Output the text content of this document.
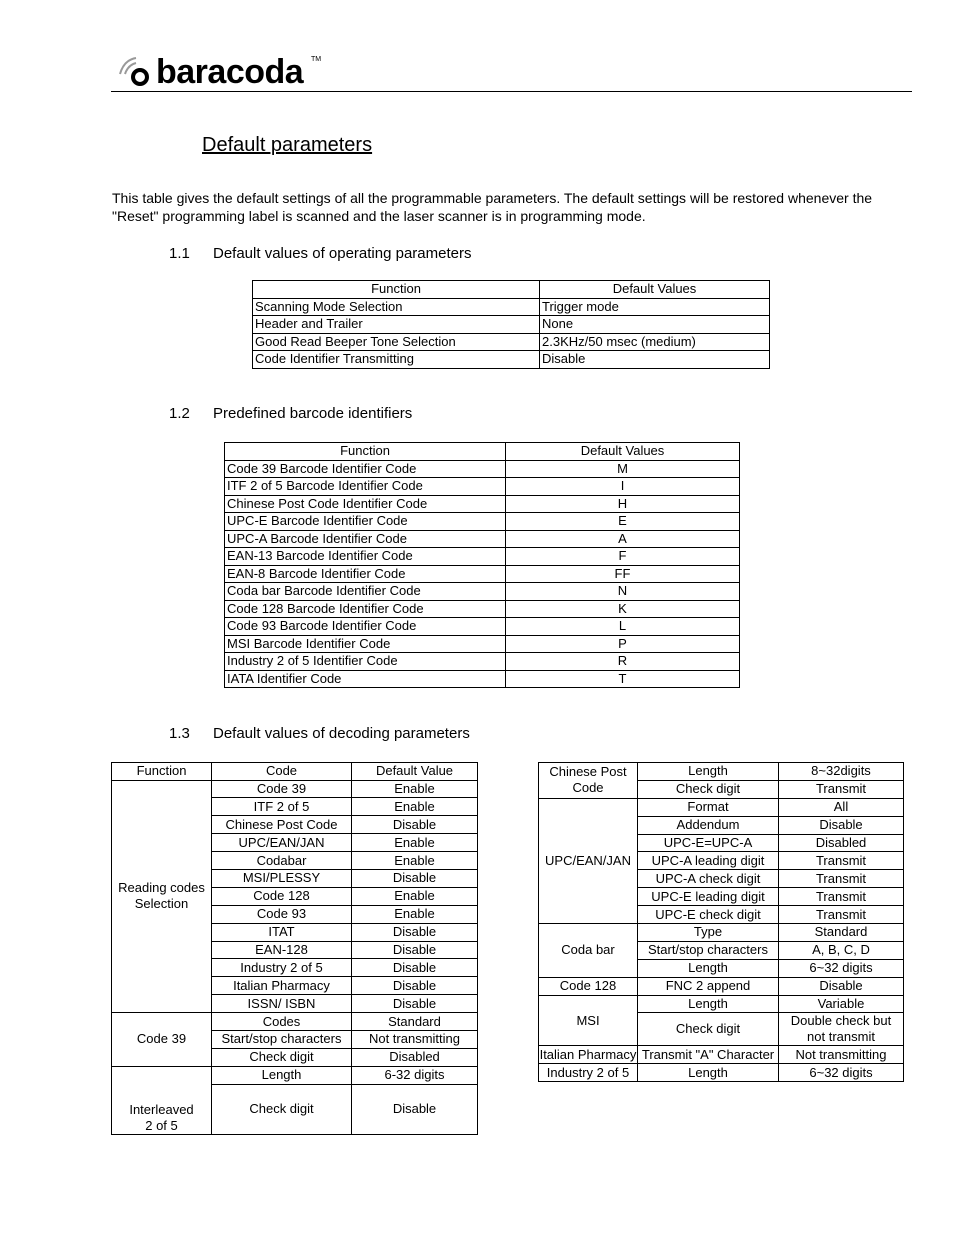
baracoda TM
Default parameters
This table gives the default settings of all the programmable parameters. The default settings will be restored whenever the "Reset" programming label is scanned and the laser scanner is in programming mode.
1.1 Default values of operating parameters
1.2 Predefined barcode identifiers
1.3 Default values of decoding parameters
Function	Default Values
Scanning Mode Selection	Trigger mode
Header and Trailer	None
Good Read Beeper Tone Selection	2.3KHz/50 msec (medium)
Code Identifier Transmitting	Disable
Function	Default Values
Code 39 Barcode Identifier Code	M
ITF 2 of 5 Barcode Identifier Code	I
Chinese Post Code Identifier Code	H
UPC-E Barcode Identifier Code	E
UPC-A Barcode Identifier Code	A
EAN-13 Barcode Identifier Code	F
EAN-8 Barcode Identifier Code	FF
Coda bar Barcode Identifier Code	N
Code 128 Barcode Identifier Code	K
Code 93 Barcode Identifier Code	L
MSI Barcode Identifier Code	P
Industry 2 of 5 Identifier Code	R
IATA Identifier Code	T
Function	Code	Default Value
Reading codes Selection	Code 39	Enable
	ITF 2 of 5	Enable
	Chinese Post Code	Disable
	UPC/EAN/JAN	Enable
	Codabar	Enable
	MSI/PLESSY	Disable
	Code 128	Enable
	Code 93	Enable
	ITAT	Disable
	EAN-128	Disable
	Industry 2 of 5	Disable
	Italian Pharmacy	Disable
	ISSN/ ISBN	Disable
Code 39	Codes	Standard
	Start/stop characters	Not transmitting
	Check digit	Disabled
Interleaved 2 of 5	Length	6-32 digits
	Check digit	Disable
Chinese Post Code	Length	8~32digits
	Check digit	Transmit
UPC/EAN/JAN	Format	All
	Addendum	Disable
	UPC-E=UPC-A	Disabled
	UPC-A leading digit	Transmit
	UPC-A check digit	Transmit
	UPC-E leading digit	Transmit
	UPC-E check digit	Transmit
Coda bar	Type	Standard
	Start/stop characters	A, B, C, D
	Length	6~32 digits
Code 128	FNC 2 append	Disable
MSI	Length	Variable
	Check digit	Double check but not transmit
Italian Pharmacy	Transmit "A" Character	Not transmitting
Industry 2 of 5	Length	6~32 digits
